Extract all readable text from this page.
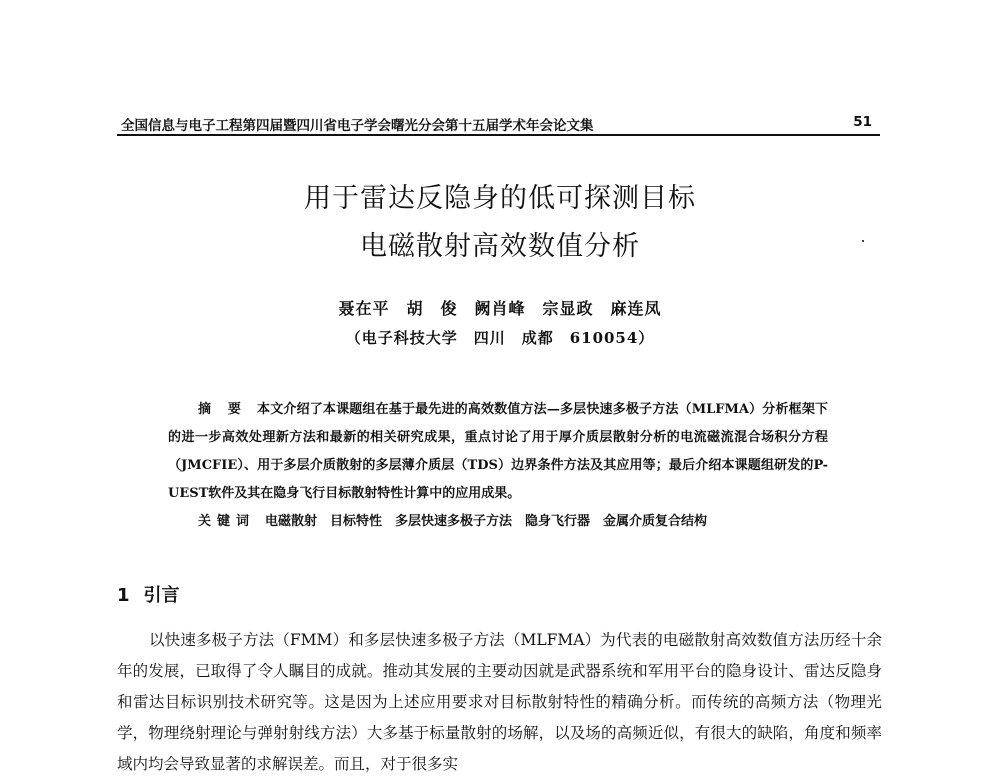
全国信息与电子工程第四届暨四川省电子学会曙光分会第十五届学术年会论文集	51
用于雷达反隐身的低可探测目标
电磁散射高效数值分析
聂在平　胡　俊　阙肖峰　宗显政　麻连凤
（电子科技大学　四川　成都　610054）

摘 要 本文介绍了本课题组在基于最先进的高效数值方法—多层快速多极子方法（MLFMA）分析框架下的进一步高效处理新方法和最新的相关研究成果，重点讨论了用于厚介质层散射分析的电流磁流混合场积分方程（JMCFIE）、用于多层介质散射的多层薄介质层（TDS）边界条件方法及其应用等；最后介绍本课题组研发的P-UEST软件及其在隐身飞行目标散射特性计算中的应用成果。

关键词 电磁散射　目标特性　多层快速多极子方法　隐身飞行器　金属介质复合结构
1 引言

以快速多极子方法（FMM）和多层快速多极子方法（MLFMA）为代表的电磁散射高效数值方法历经十余年的发展，已取得了令人瞩目的成就。推动其发展的主要动因就是武器系统和军用平台的隐身设计、雷达反隐身和雷达目标识别技术研究等。这是因为上述应用要求对目标散射特性的精确分析。而传统的高频方法（物理光学，物理绕射理论与弹射射线方法）大多基于标量散射的场解，以及场的高频近似，有很大的缺陷，角度和频率域内均会导致显著的求解误差。而且，对于很多实
